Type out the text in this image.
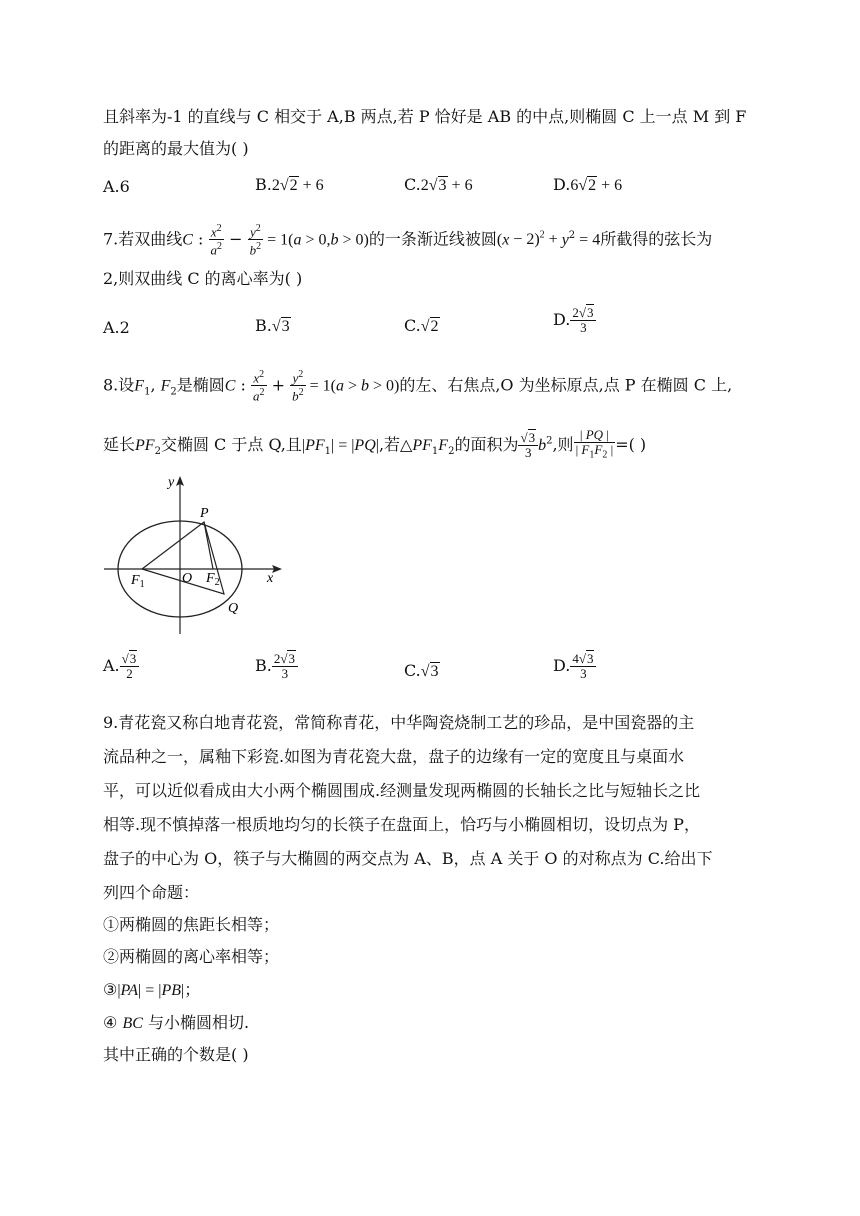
且斜率为-1 的直线与 C 相交于 A,B 两点,若 P 恰好是 AB 的中点,则椭圆 C 上一点 M 到 F
的距离的最大值为( )
A.6	B.2√2 + 6	C.2√3 + 6	D.6√2 + 6
7.若双曲线C : $\frac{x^2}{a^2} - \frac{y^2}{b^2} = 1(a > 0,b > 0)$的一条渐近线被圆$(x - 2)^2 + y^2 = 4$所截得的弦长为
2,则双曲线 C 的离心率为( )
A.2	B.√3	C.√2	D. $\frac{2√3}{3}$
8.设$F_1$, $F_2$是椭圆C : $\frac{x^2}{a^2} + \frac{y^2}{b^2} = 1(a > b > 0)$的左、右焦点,O 为坐标原点,点 P 在椭圆 C 上,
延长$PF_2$交椭圆 C 于点 Q,且$|PF_1| = |PQ|$,若$\triangle PF_1F_2$的面积为 $\frac{√3}{3} b^2$,则 $\frac{| PQ |}{| F_1F_2 |}$ =( )
y
x
P
Q
O
$F_1$	$F_2$
A. $\frac{√3}{2}$	B. $\frac{2√3}{3}$	C.√3	D. $\frac{4√3}{3}$
9.青花瓷又称白地青花瓷，常简称青花，中华陶瓷烧制工艺的珍品，是中国瓷器的主
流品种之一，属釉下彩瓷.如图为青花瓷大盘，盘子的边缘有一定的宽度且与桌面水
平，可以近似看成由大小两个椭圆围成.经测量发现两椭圆的长轴长之比与短轴长之比
相等.现不慎掉落一根质地均匀的长筷子在盘面上，恰巧与小椭圆相切，设切点为 P，
盘子的中心为 O，筷子与大椭圆的两交点为 A、B，点 A 关于 O 的对称点为 C.给出下
列四个命题：
①两椭圆的焦距长相等；
②两椭圆的离心率相等；
③|PA| = |PB|；
④ BC 与小椭圆相切.
其中正确的个数是( )
